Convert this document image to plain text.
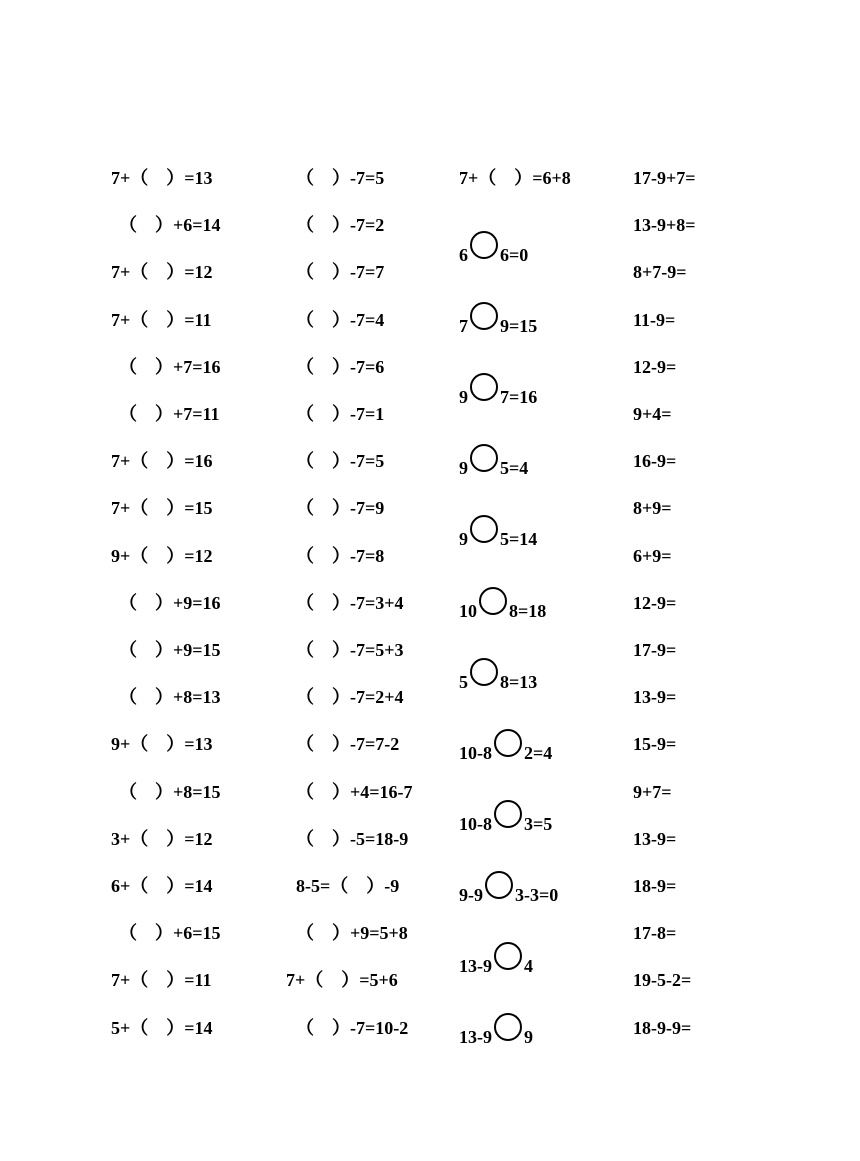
7+（    ）=13
（    ）+6=14
7+（    ）=12
7+（    ）=11
（    ）+7=16
（    ）+7=11
7+（    ）=16
7+（    ）=15
9+（    ）=12
（    ）+9=16
（    ）+9=15
（    ）+8=13
9+（    ）=13
（    ）+8=15
3+（    ）=12
6+（    ）=14
（    ）+6=15
7+（    ）=11
5+（    ）=14
（    ）-7=5
（    ）-7=2
（    ）-7=7
（    ）-7=4
（    ）-7=6
（    ）-7=1
（    ）-7=5
（    ）-7=9
（    ）-7=8
（    ）-7=3+4
（    ）-7=5+3
（    ）-7=2+4
（    ）-7=7-2
（    ）+4=16-7
（    ）-5=18-9
8-5=（    ）-9
（    ）+9=5+8
7+（    ）=5+6
（    ）-7=10-2
7+（    ）=6+8
6 6=0
7 9=15
9 7=16
9 5=4
9 5=14
10 8=18
5 8=13
10-8 2=4
10-8 3=5
9-9 3-3=0
13-9 4
13-9 9
17-9+7=
13-9+8=
8+7-9=
11-9=
12-9=
9+4=
16-9=
8+9=
6+9=
12-9=
17-9=
13-9=
15-9=
9+7=
13-9=
18-9=
17-8=
19-5-2=
18-9-9=
